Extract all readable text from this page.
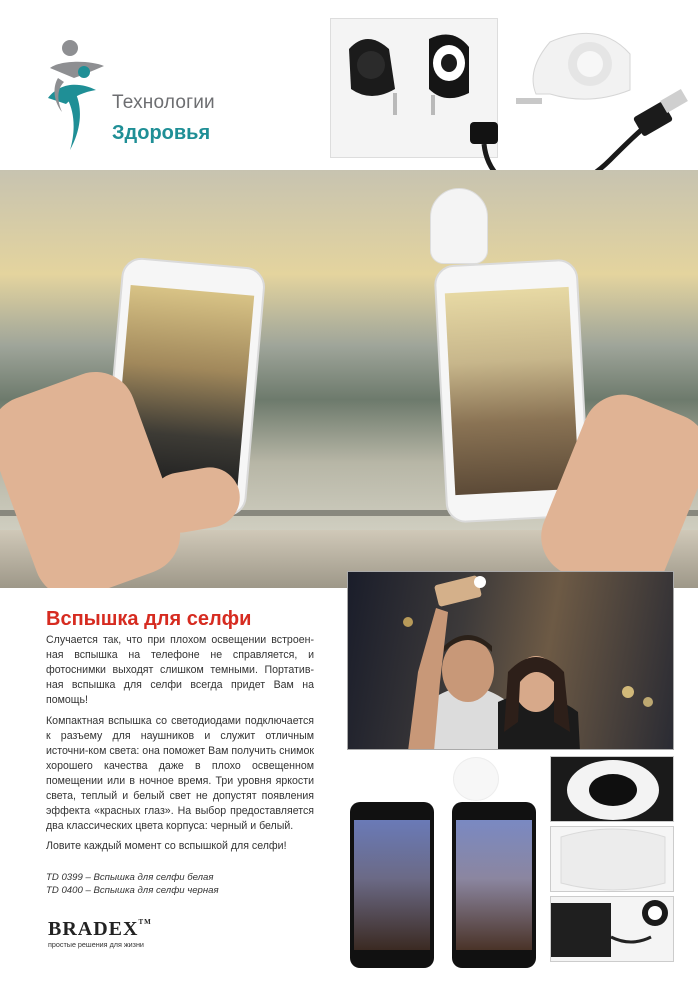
Технологии
Здоровья
Вспышка для селфи
Случается так, что при плохом освещении встроен-ная вспышка на телефоне не справляется, и фотоснимки выходят слишком темными. Портатив-ная вспышка для селфи всегда придет Вам на помощь!
Компактная вспышка со светодиодами подключается к разъему для наушников и служит отличным источни-ком света: она поможет Вам получить снимок хорошего качества даже в плохо освещенном помещении или в ночное время. Три уровня яркости света, теплый и белый свет не допустят появления эффекта «красных глаз». На выбор предоставляется два классических цвета корпуса: черный и белый.
Ловите каждый момент со вспышкой для селфи!
TD 0399 – Вспышка для селфи белая
TD 0400 – Вспышка для селфи черная
BRADEX™
простые решения для жизни
